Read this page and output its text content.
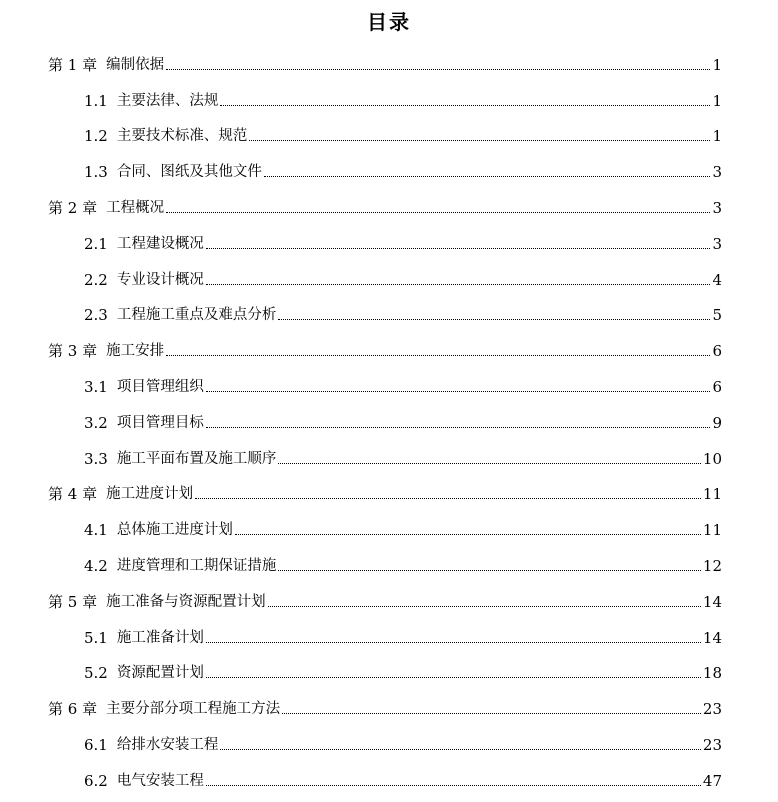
目录
第 1 章 编制依据	1
1.1 主要法律、法规	1
1.2 主要技术标准、规范	1
1.3 合同、图纸及其他文件	3
第 2 章 工程概况	3
2.1 工程建设概况	3
2.2 专业设计概况	4
2.3 工程施工重点及难点分析	5
第 3 章 施工安排	6
3.1 项目管理组织	6
3.2 项目管理目标	9
3.3 施工平面布置及施工顺序	10
第 4 章 施工进度计划	11
4.1 总体施工进度计划	11
4.2 进度管理和工期保证措施	12
第 5 章 施工准备与资源配置计划	14
5.1 施工准备计划	14
5.2 资源配置计划	18
第 6 章 主要分部分项工程施工方法	23
6.1 给排水安装工程	23
6.2 电气安装工程	47
